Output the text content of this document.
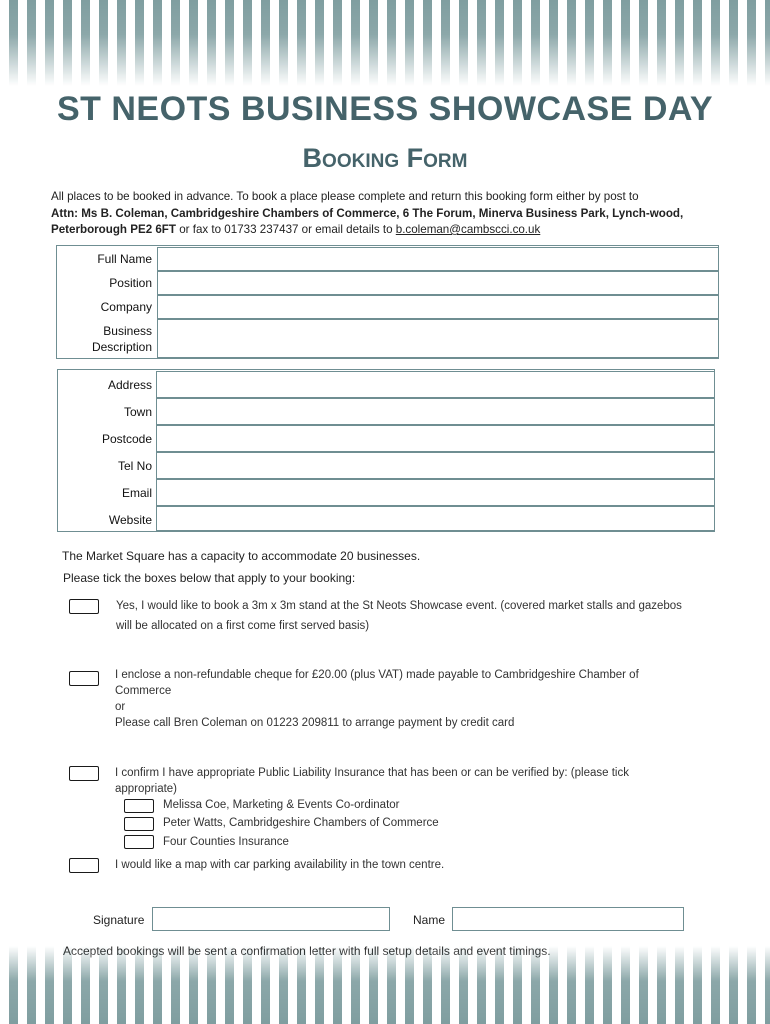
ST NEOTS BUSINESS SHOWCASE DAY
Booking Form
All places to be booked in advance. To book a place please complete and return this booking form either by post to
Attn: Ms B. Coleman, Cambridgeshire Chambers of Commerce, 6 The Forum, Minerva Business Park, Lynch-wood, Peterborough PE2 6FT or fax to 01733 237437 or email details to b.coleman@cambscci.co.uk
Full Name
Position
Company
Business
Description
Address
Town
Postcode
Tel No
Email
Website
The Market Square has a capacity to accommodate 20 businesses.
Please tick the boxes below that apply to your booking:
Yes, I would like to book a 3m x 3m stand at the St Neots Showcase event. (covered market stalls and gazebos
will be allocated on a first come first served basis)
I enclose a non-refundable cheque for £20.00 (plus VAT) made payable to Cambridgeshire Chamber of
Commerce
or
Please call Bren Coleman on 01223 209811 to arrange payment by credit card
I confirm I have appropriate Public Liability Insurance that has been or can be verified by: (please tick
appropriate)
Melissa Coe, Marketing & Events Co-ordinator
Peter Watts, Cambridgeshire Chambers of Commerce
Four Counties Insurance
I would like a map with car parking availability in the town centre.
Signature	Name
